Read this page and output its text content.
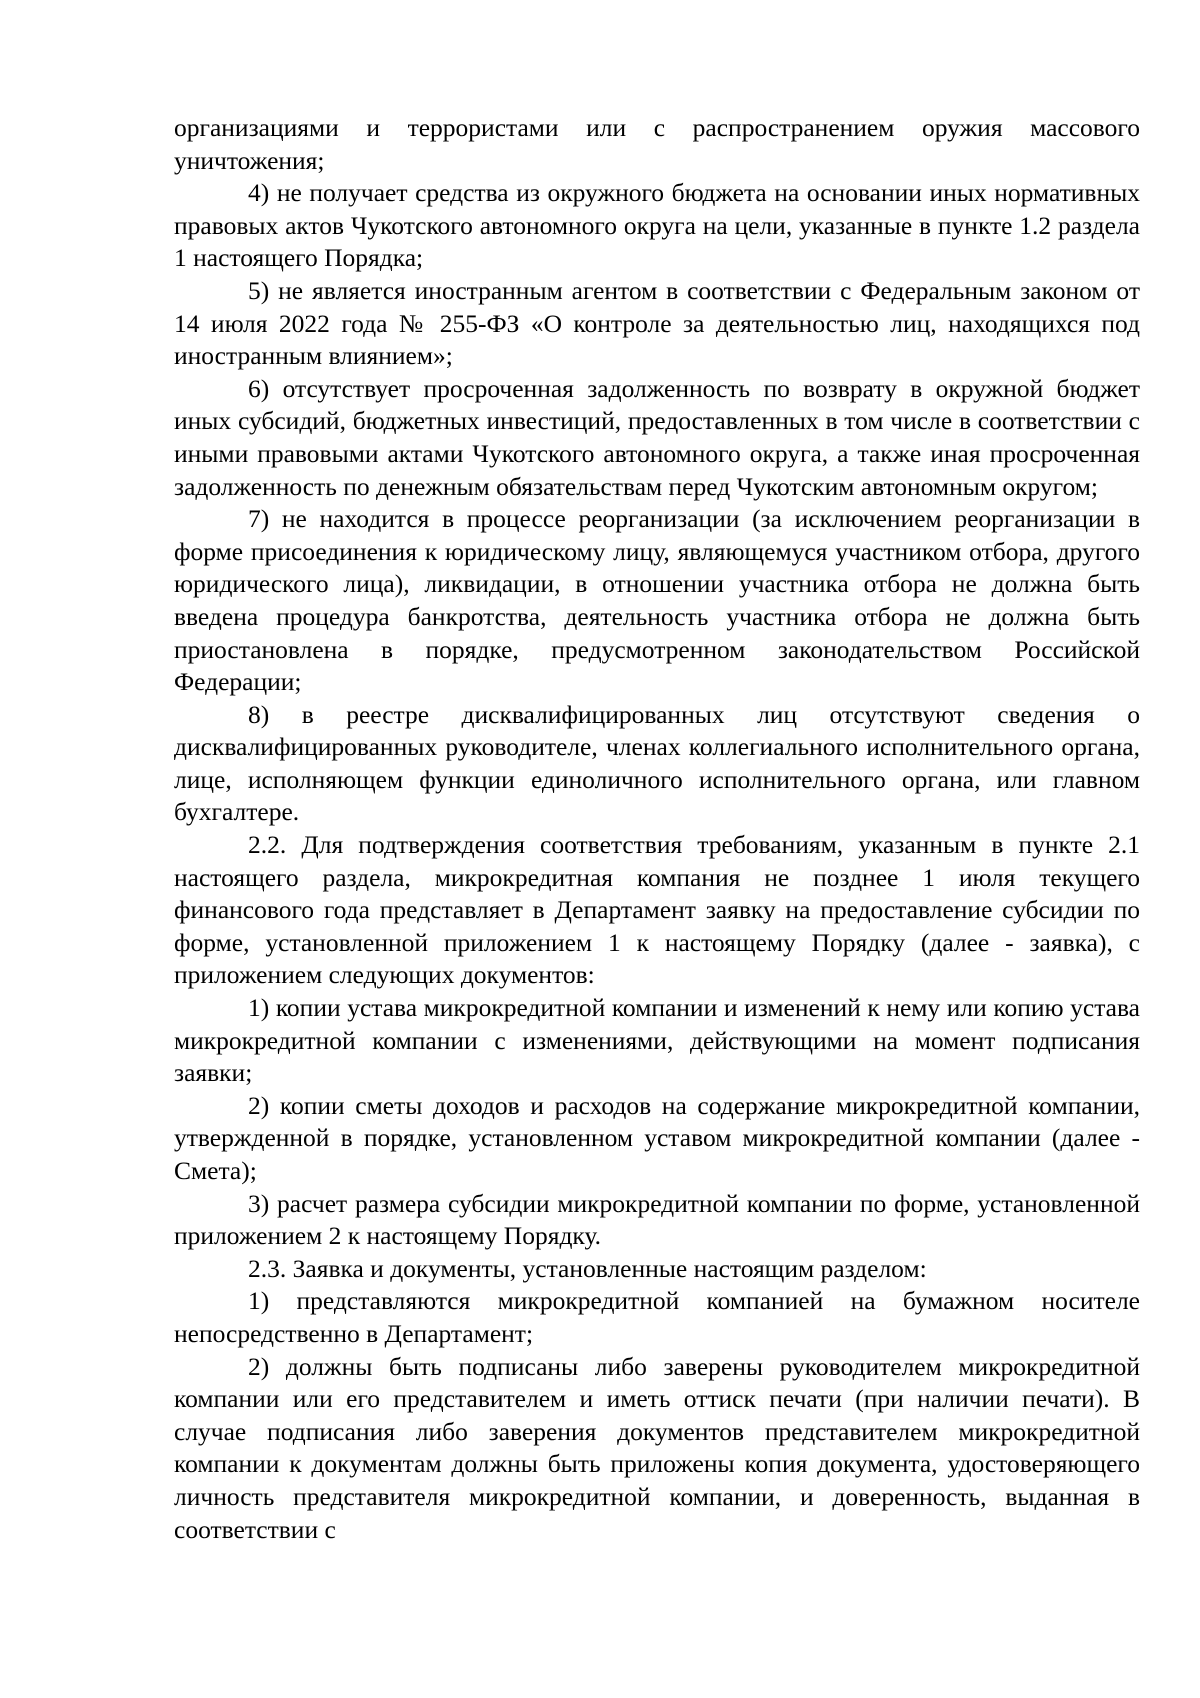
организациями и террористами или с распространением оружия массового уничтожения;

4) не получает средства из окружного бюджета на основании иных нормативных правовых актов Чукотского автономного округа на цели, указанные в пункте 1.2 раздела 1 настоящего Порядка;

5) не является иностранным агентом в соответствии с Федеральным законом от 14 июля 2022 года № 255-ФЗ «О контроле за деятельностью лиц, находящихся под иностранным влиянием»;

6) отсутствует просроченная задолженность по возврату в окружной бюджет иных субсидий, бюджетных инвестиций, предоставленных в том числе в соответствии с иными правовыми актами Чукотского автономного округа, а также иная просроченная задолженность по денежным обязательствам перед Чукотским автономным округом;

7) не находится в процессе реорганизации (за исключением реорганизации в форме присоединения к юридическому лицу, являющемуся участником отбора, другого юридического лица), ликвидации, в отношении участника отбора не должна быть введена процедура банкротства, деятельность участника отбора не должна быть приостановлена в порядке, предусмотренном законодательством Российской Федерации;

8) в реестре дисквалифицированных лиц отсутствуют сведения о дисквалифицированных руководителе, членах коллегиального исполнительного органа, лице, исполняющем функции единоличного исполнительного органа, или главном бухгалтере.

2.2. Для подтверждения соответствия требованиям, указанным в пункте 2.1 настоящего раздела, микрокредитная компания не позднее 1 июля текущего финансового года представляет в Департамент заявку на предоставление субсидии по форме, установленной приложением 1 к настоящему Порядку (далее - заявка), с приложением следующих документов:

1) копии устава микрокредитной компании и изменений к нему или копию устава микрокредитной компании с изменениями, действующими на момент подписания заявки;

2) копии сметы доходов и расходов на содержание микрокредитной компании, утвержденной в порядке, установленном уставом микрокредитной компании (далее - Смета);

3) расчет размера субсидии микрокредитной компании по форме, установленной приложением 2 к настоящему Порядку.

2.3. Заявка и документы, установленные настоящим разделом:

1) представляются микрокредитной компанией на бумажном носителе непосредственно в Департамент;

2) должны быть подписаны либо заверены руководителем микрокредитной компании или его представителем и иметь оттиск печати (при наличии печати). В случае подписания либо заверения документов представителем микрокредитной компании к документам должны быть приложены копия документа, удостоверяющего личность представителя микрокредитной компании, и доверенность, выданная в соответствии с
